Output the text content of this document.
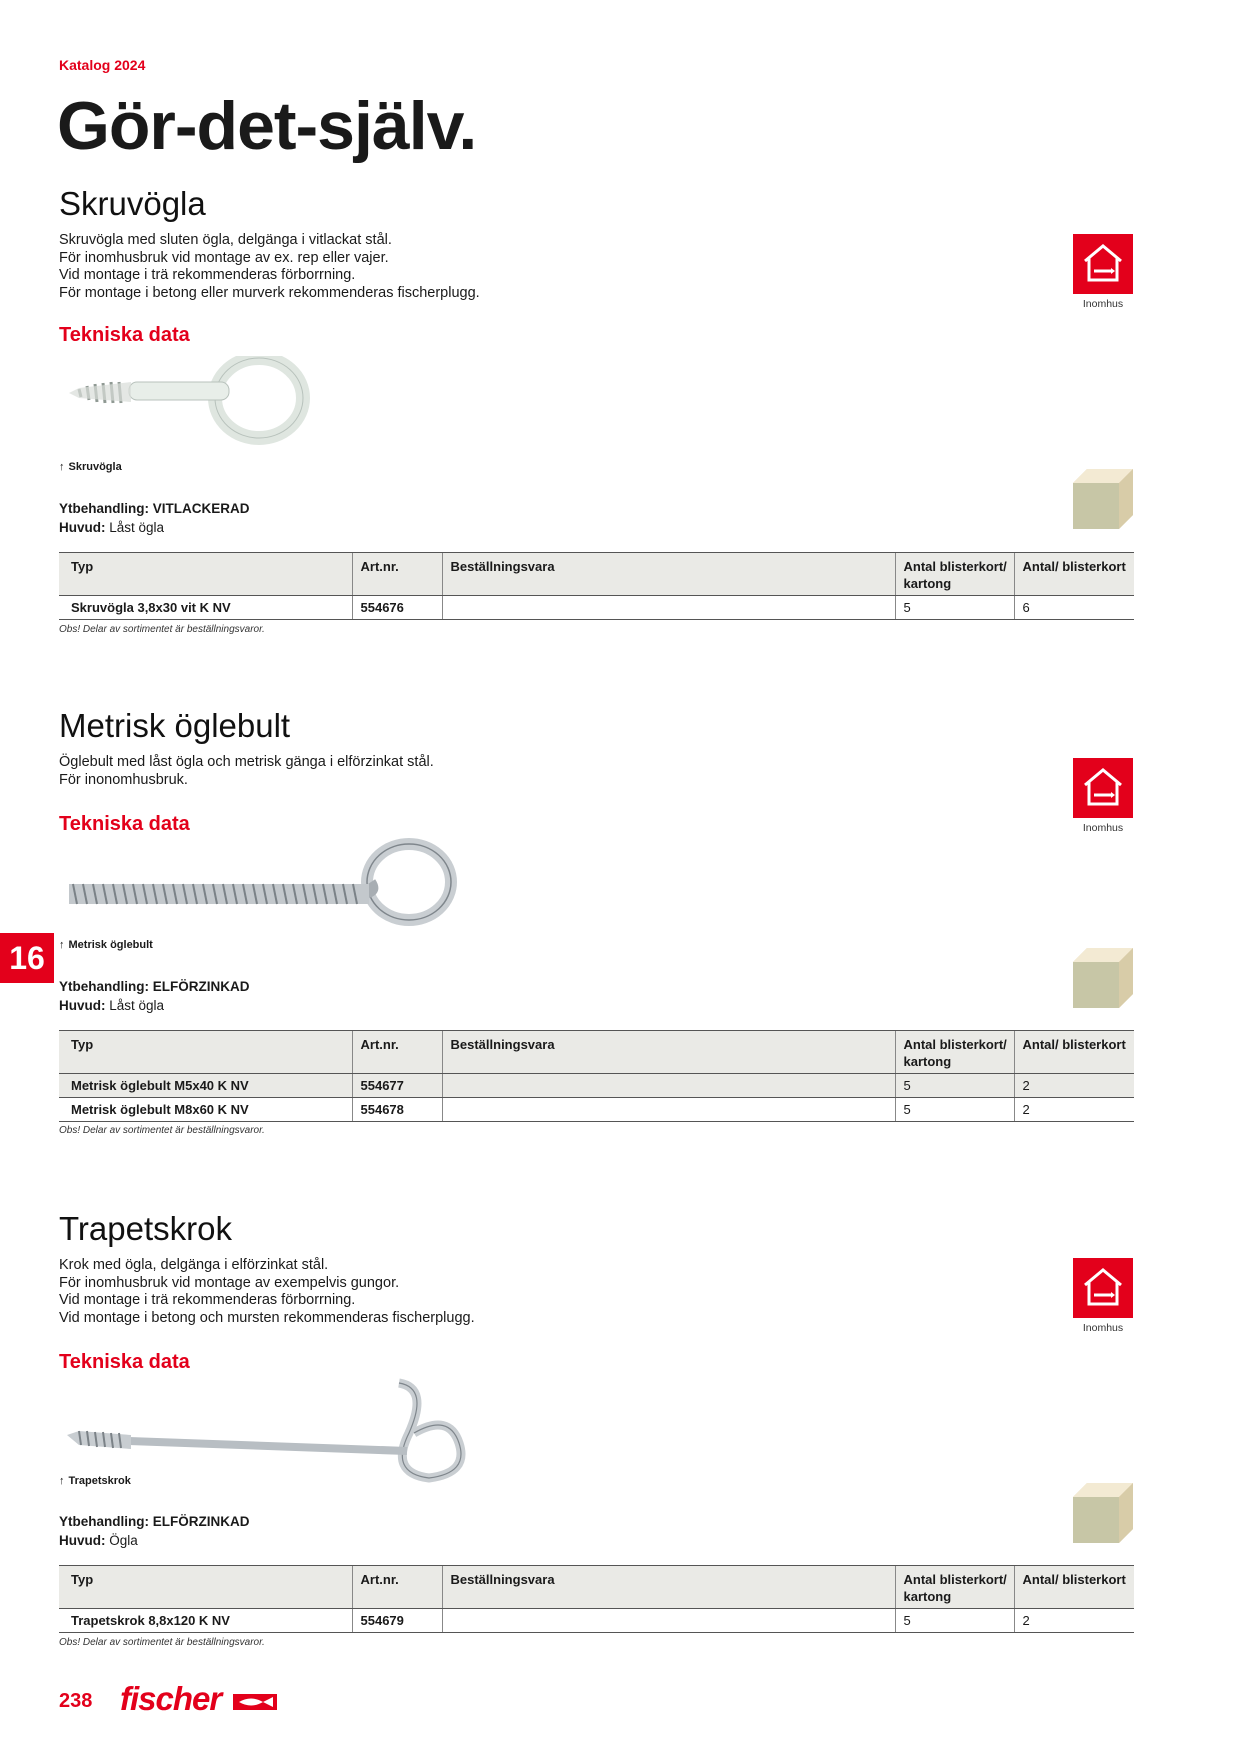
Katalog 2024
Gör-det-själv.
Skruvögla
Skruvögla med sluten ögla, delgänga i vitlackat stål.
För inomhusbruk vid montage av ex. rep eller vajer.
Vid montage i trä rekommenderas förborrning.
För montage i betong eller murverk rekommenderas fischerplugg.
Inomhus
Tekniska data
↑ Skruvögla
Ytbehandling: VITLACKERAD
Huvud: Låst ögla
Typ	Art.nr.	Beställningsvara	Antal blisterkort/ kartong	Antal/ blisterkort
Skruvögla 3,8x30 vit K NV	554676		5	6
Obs! Delar av sortimentet är beställningsvaror.
Metrisk öglebult
Öglebult med låst ögla och metrisk gänga i elförzinkat stål.
För inonomhusbruk.
Inomhus
Tekniska data
↑ Metrisk öglebult
Ytbehandling: ELFÖRZINKAD
Huvud: Låst ögla
Typ	Art.nr.	Beställningsvara	Antal blisterkort/ kartong	Antal/ blisterkort
Metrisk öglebult M5x40 K NV	554677		5	2
Metrisk öglebult M8x60 K NV	554678		5	2
Obs! Delar av sortimentet är beställningsvaror.
Trapetskrok
Krok med ögla, delgänga i elförzinkat stål.
För inomhusbruk vid montage av exempelvis gungor.
Vid montage i trä rekommenderas förborrning.
Vid montage i betong och mursten rekommenderas fischerplugg.
Inomhus
Tekniska data
↑ Trapetskrok
Ytbehandling: ELFÖRZINKAD
Huvud: Ögla
Typ	Art.nr.	Beställningsvara	Antal blisterkort/ kartong	Antal/ blisterkort
Trapetskrok 8,8x120 K NV	554679		5	2
Obs! Delar av sortimentet är beställningsvaror.
16
238 fischer
